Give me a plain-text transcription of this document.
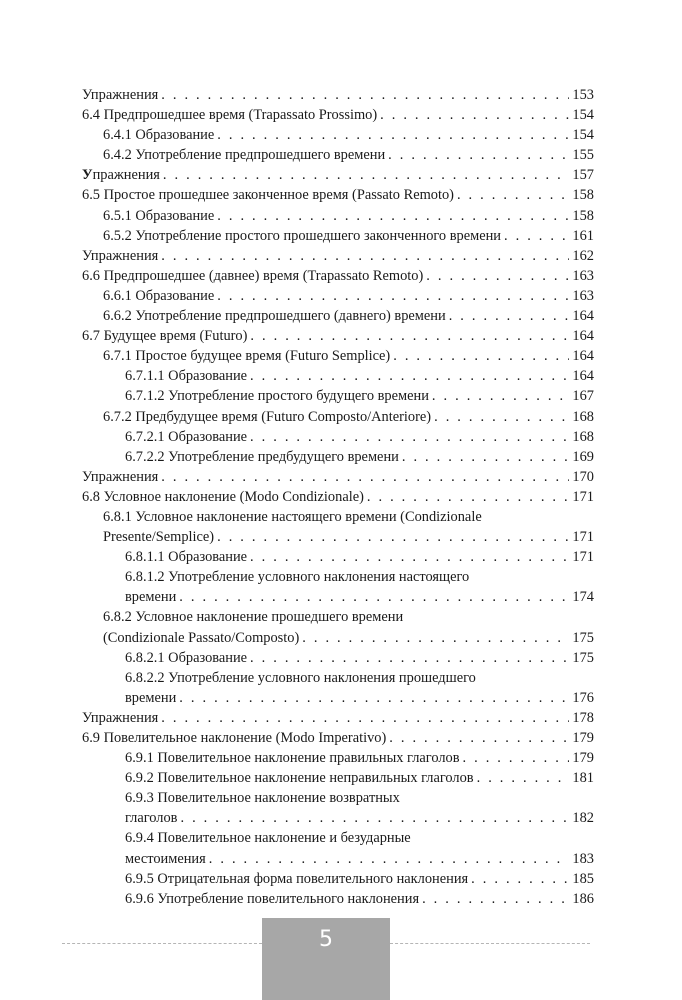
Упражнения . . .	153
6.4 Предпрошедшее время (Trapassato Prossimo) . . .	154
6.4.1 Образование . . .	154
6.4.2 Употребление предпрошедшего времени . . .	155
Упражнения . . .	157
6.5 Простое прошедшее законченное время (Passato Remoto) . . .	158
6.5.1 Образование . . .	158
6.5.2 Употребление простого прошедшего законченного времени . . .	161
Упражнения . . .	162
6.6 Предпрошедшее (давнее) время (Trapassato Remoto) . . .	163
6.6.1 Образование . . .	163
6.6.2 Употребление предпрошедшего (давнего) времени . . .	164
6.7 Будущее время (Futuro) . . .	164
6.7.1 Простое будущее время (Futuro Semplice) . . .	164
6.7.1.1 Образование . . .	164
6.7.1.2 Употребление простого будущего времени . . .	167
6.7.2 Предбудущее время (Futuro Composto/Anteriore) . . .	168
6.7.2.1 Образование . . .	168
6.7.2.2 Употребление предбудущего времени . . .	169
Упражнения . . .	170
6.8 Условное наклонение (Modo Condizionale) . . .	171
6.8.1 Условное наклонение настоящего времени (Condizionale
Presente/Semplice) . . .	171
6.8.1.1 Образование . . .	171
6.8.1.2 Употребление условного наклонения настоящего
времени . . .	174
6.8.2 Условное наклонение прошедшего времени
(Condizionale Passato/Composto) . . .	175
6.8.2.1 Образование . . .	175
6.8.2.2 Употребление условного наклонения прошедшего
времени . . .	176
Упражнения . . .	178
6.9 Повелительное наклонение (Modo Imperativo) . . .	179
6.9.1 Повелительное наклонение правильных глаголов . . .	179
6.9.2 Повелительное наклонение неправильных глаголов . . .	181
6.9.3 Повелительное наклонение возвратных
глаголов . . .	182
6.9.4 Повелительное наклонение и безударные
местоимения . . .	183
6.9.5 Отрицательная форма повелительного наклонения . . .	185
6.9.6 Употребление повелительного наклонения . . .	186
5
